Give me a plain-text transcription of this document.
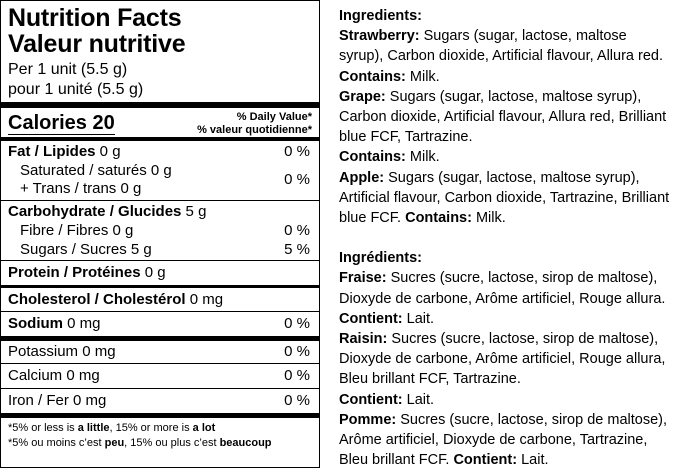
Nutrition Facts
Valeur nutritive
Per 1 unit (5.5 g)
pour 1 unité (5.5 g)
Calories 20	% Daily Value*
% valeur quotidienne*
Fat / Lipides 0 g	0 %
Saturated / saturés 0 g
+ Trans / trans 0 g
0 %
Carbohydrate / Glucides 5 g
Fibre / Fibres 0 g	0 %
Sugars / Sucres 5 g	5 %
Protein / Protéines 0 g
Cholesterol / Cholestérol 0 mg
Sodium 0 mg	0 %
Potassium 0 mg	0 %
Calcium 0 mg	0 %
Iron / Fer 0 mg	0 %
*5% or less is a little, 15% or more is a lot
*5% ou moins c’est peu, 15% ou plus c’est beaucoup

Ingredients:

Strawberry: Sugars (sugar, lactose, maltose syrup), Carbon dioxide, Artificial flavour, Allura red. Contains: Milk.

Grape: Sugars (sugar, lactose, maltose syrup), Carbon dioxide, Artificial flavour, Allura red, Brilliant blue FCF, Tartrazine.

Contains: Milk.

Apple: Sugars (sugar, lactose, maltose syrup), Artificial flavour, Carbon dioxide, Tartrazine, Brilliant blue FCF. Contains: Milk.

Ingrédients:

Fraise: Sucres (sucre, lactose, sirop de maltose), Dioxyde de carbone, Arôme artificiel, Rouge allura. Contient: Lait.

Raisin: Sucres (sucre, lactose, sirop de maltose), Dioxyde de carbone, Arôme artificiel, Rouge allura, Bleu brillant FCF, Tartrazine.

Contient: Lait.

Pomme: Sucres (sucre, lactose, sirop de maltose), Arôme artificiel, Dioxyde de carbone, Tartrazine, Bleu brillant FCF. Contient: Lait.
